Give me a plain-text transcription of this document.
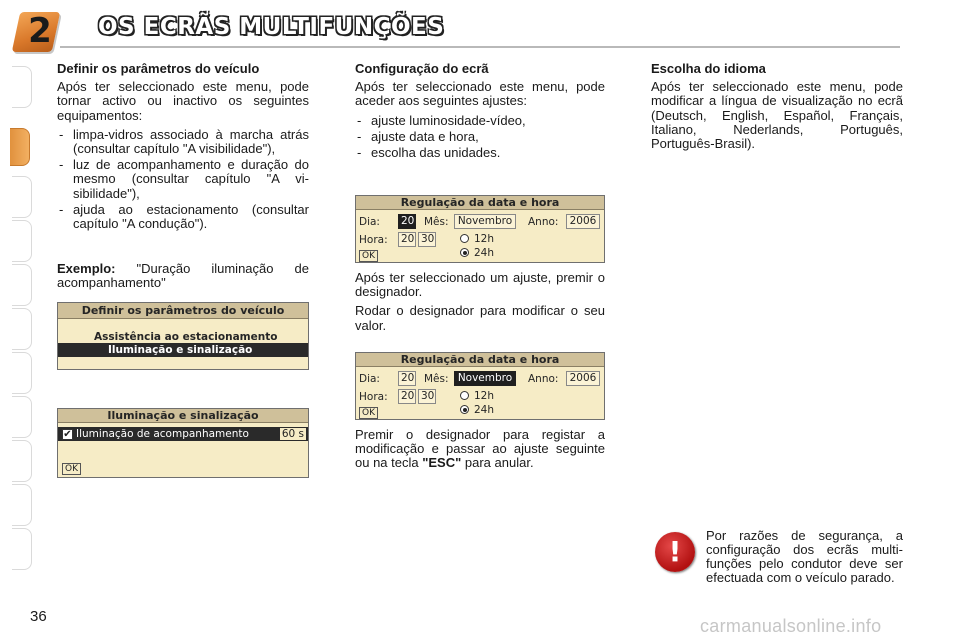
2 OS ECRÃS MULTIFUNÇÕES
Definir os parâmetros do veículo

Após ter seleccionado este menu, pode tornar activo ou inactivo os seguintes equipamentos:

- limpa-vidros associado à marcha atrás (consultar capítulo "A visibilidade"),
- luz de acompanhamento e duração do mesmo (consultar capítulo "A visibilidade"),
- ajuda ao estacionamento (consultar capítulo "A condução").

Exemplo: "Duração iluminação de acompanhamento"

Definir os parâmetros do veículo
Assistência ao estacionamento
Iluminação e sinalização
Iluminação e sinalização
Iluminação de acompanhamento	60 s
✔
OK
Configuração do ecrã

Após ter seleccionado este menu, pode aceder aos seguintes ajustes:

- ajuste luminosidade-vídeo,
- ajuste data e hora,
- escolha das unidades.
Regulação da data e hora
Dia: 20 Mês: Novembro	Anno:	2006
Hora: 20 30	12h
24h
OK

Após ter seleccionado um ajuste, premir o designador.

Rodar o designador para modificar o seu valor.

Regulação da data e hora
Dia: 20 Mês: Novembro	Anno:	2006
Hora: 20 30	12h
24h
OK

Premir o designador para registar a modificação e passar ao ajuste seguinte ou na tecla "ESC" para anular.

Escolha do idioma

Após ter seleccionado este menu, pode modificar a língua de visualização no ecrã (Deutsch, English, Español, Français, Italiano, Nederlands, Português, Português-Brasil).

!	Por razões de segurança, a configuração dos ecrãs multifunções pelo condutor deve ser efectuada com o veículo parado.

36	carmanualsonline.info
